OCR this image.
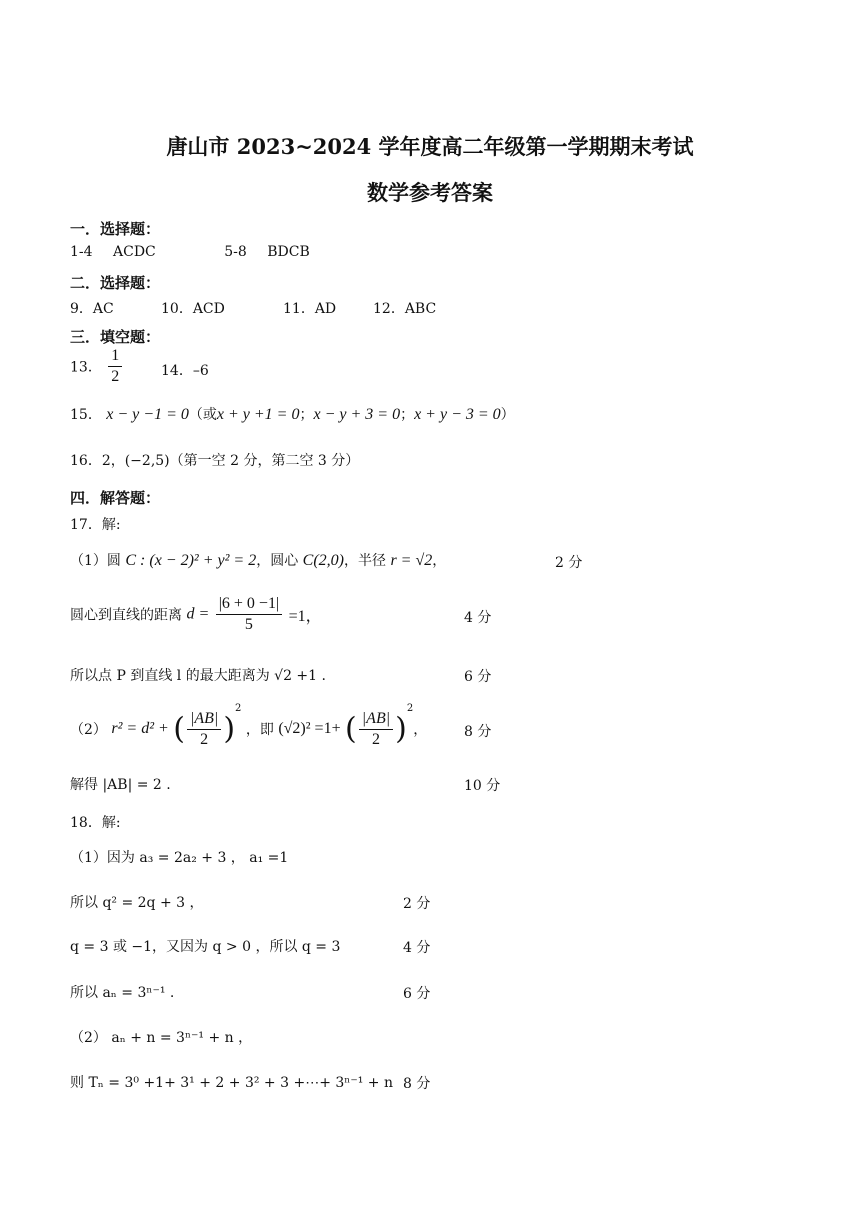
唐山市 2023~2024 学年度高二年级第一学期期末考试
数学参考答案
一．选择题：
1-4 ACDC	5-8 BDCB
二．选择题：
9．AC	10．ACD	11．AD	12．ABC
三．填空题：
13． $\frac{1}{2}$	14．–6
15． x − y −1 = 0（或x + y +1 = 0；x − y + 3 = 0；x + y − 3 = 0）
16．2，(−2,5)（第一空 2 分，第二空 3 分）
四．解答题：
17．解:
（1）圆 C : (x − 2)² + y² = 2，圆心 C(2,0)，半径 r = √2，	2 分
圆心到直线的距离 $d = \frac{|6 + 0 -1|}{5} =1$，	4 分
所以点 P 到直线 l 的最大距离为 √2 +1 .	6 分
（2） r² = d² + ( $\frac{|AB|}{2} )^2$ ，即 (√2)² =1+ ( $\frac{|AB|}{2} )^2$，	8 分
解得 |AB| = 2 .	10 分
18．解:
（1）因为 a₃ = 2a₂ + 3 ， a₁ =1
所以 q² = 2q + 3 ，	2 分
q = 3 或 −1，又因为 q > 0 ，所以 q = 3	4 分
所以 aₙ = 3ⁿ⁻¹ .	6 分
（2） aₙ + n = 3ⁿ⁻¹ + n ，
则 Tₙ = 3⁰ +1+ 3¹ + 2 + 3² + 3 +⋯+ 3ⁿ⁻¹ + n 8 分
